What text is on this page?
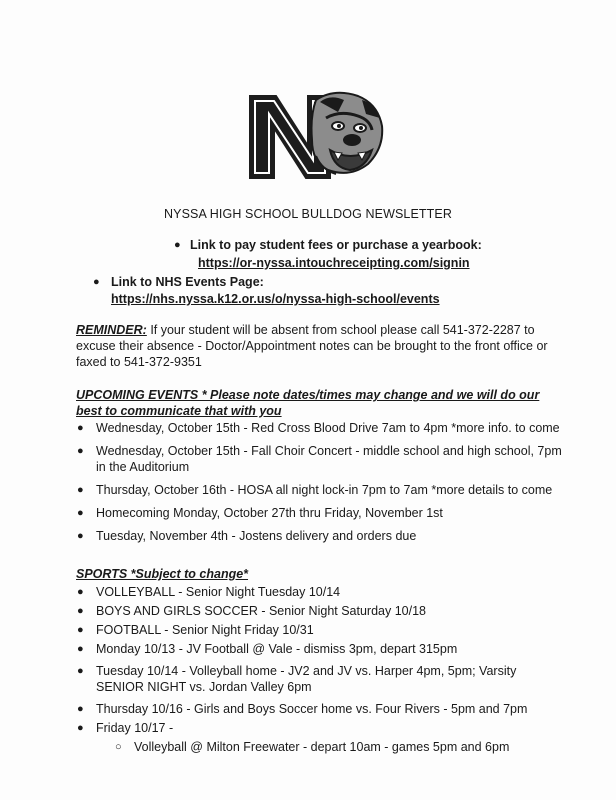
NYSSA HIGH SCHOOL BULLDOG NEWSLETTER
● Link to pay student fees or purchase a yearbook:
https://or-nyssa.intouchreceipting.com/signin
● Link to NHS Events Page:
https://nhs.nyssa.k12.or.us/o/nyssa-high-school/events
REMINDER: If your student will be absent from school please call 541-372-2287 to excuse their absence - Doctor/Appointment notes can be brought to the front office or faxed to 541-372-9351
UPCOMING EVENTS * Please note dates/times may change and we will do our best to communicate that with you
● Wednesday, October 15th - Red Cross Blood Drive 7am to 4pm *more info. to come
● Wednesday, October 15th - Fall Choir Concert - middle school and high school, 7pm in the Auditorium
● Thursday, October 16th - HOSA all night lock-in 7pm to 7am *more details to come
● Homecoming Monday, October 27th thru Friday, November 1st
● Tuesday, November 4th - Jostens delivery and orders due
SPORTS *Subject to change*
● VOLLEYBALL - Senior Night Tuesday 10/14
● BOYS AND GIRLS SOCCER - Senior Night Saturday 10/18
● FOOTBALL - Senior Night Friday 10/31
● Monday 10/13 - JV Football @ Vale - dismiss 3pm, depart 315pm
● Tuesday 10/14 - Volleyball home - JV2 and JV vs. Harper 4pm, 5pm; Varsity SENIOR NIGHT vs. Jordan Valley 6pm
● Thursday 10/16 - Girls and Boys Soccer home vs. Four Rivers - 5pm and 7pm
● Friday 10/17 -
○ Volleyball @ Milton Freewater - depart 10am - games 5pm and 6pm
